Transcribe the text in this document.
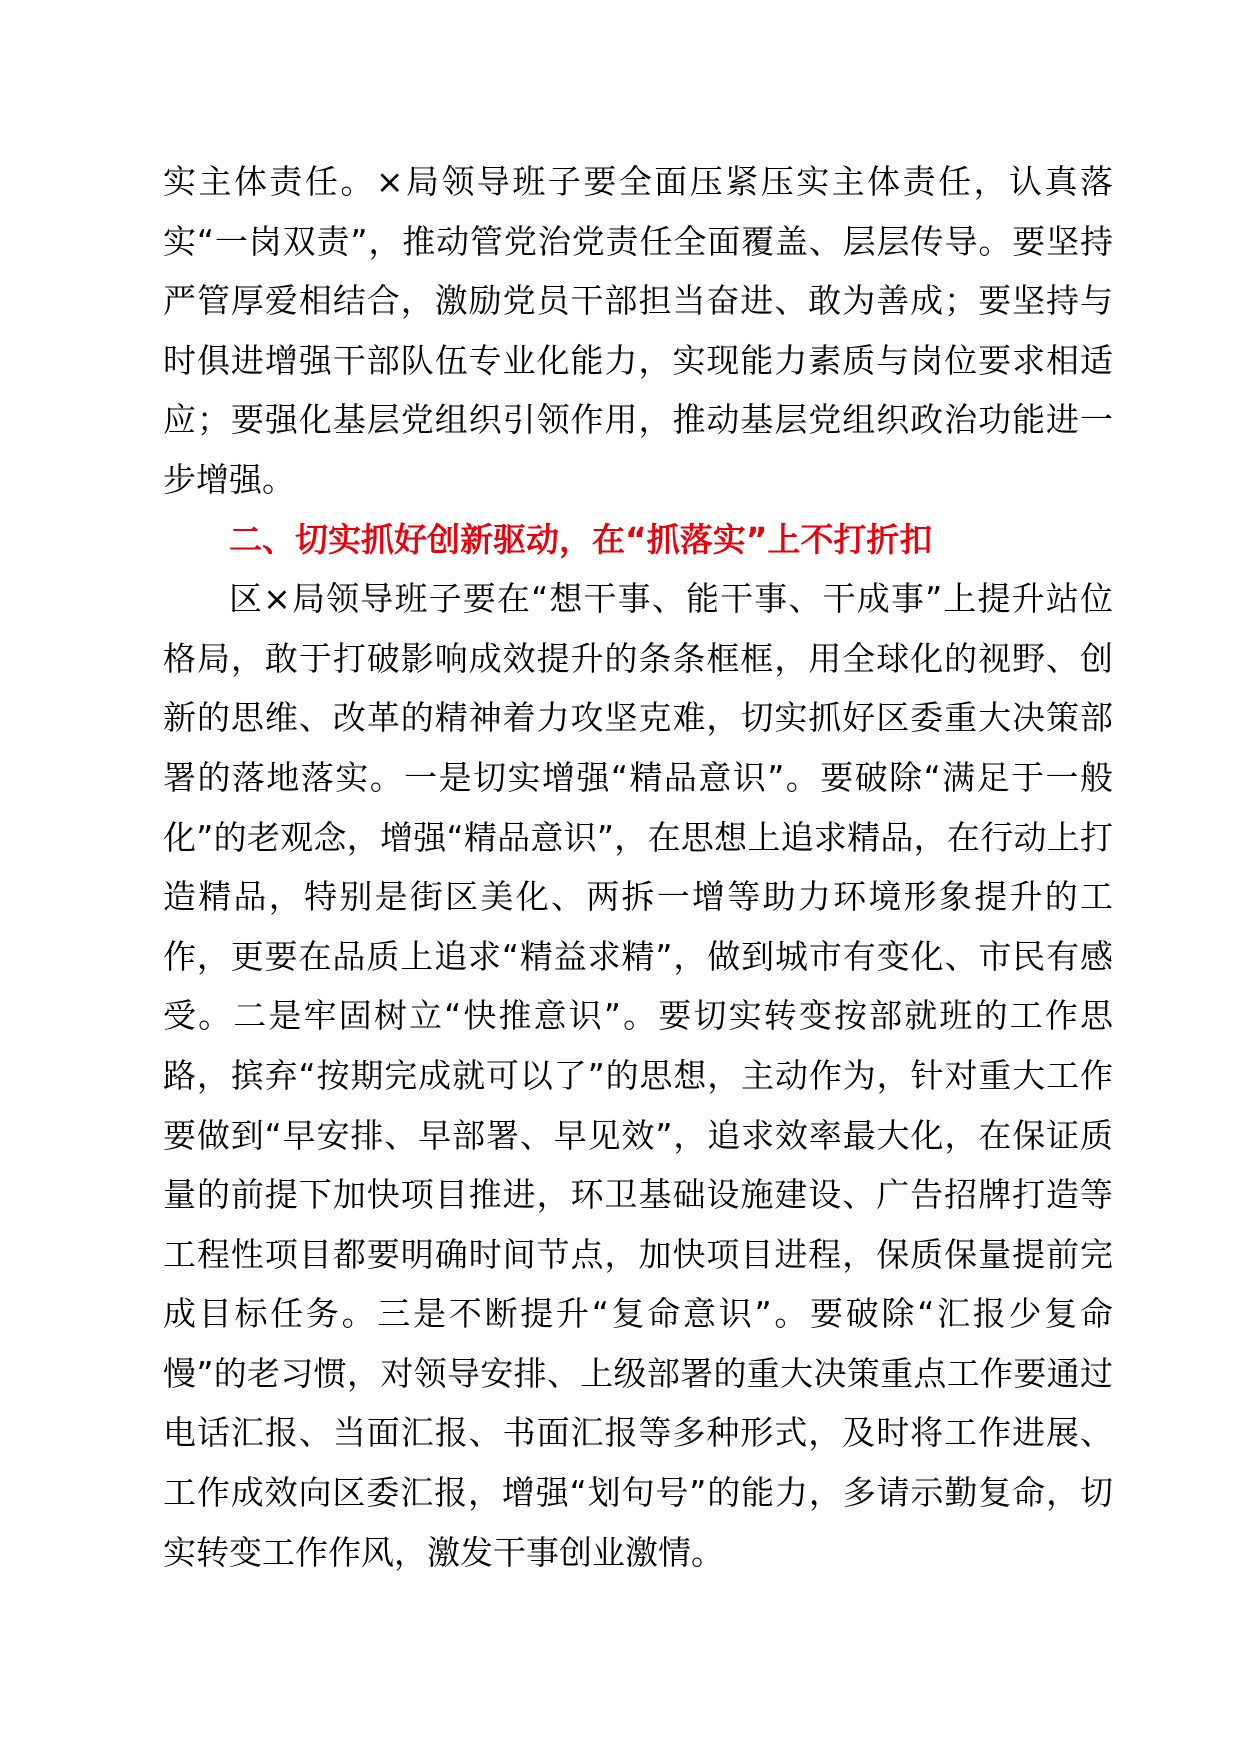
实主体责任。×局领导班子要全面压紧压实主体责任，认真落实“一岗双责”，推动管党治党责任全面覆盖、层层传导。要坚持严管厚爱相结合，激励党员干部担当奋进、敢为善成；要坚持与时俱进增强干部队伍专业化能力，实现能力素质与岗位要求相适应；要强化基层党组织引领作用，推动基层党组织政治功能进一步增强。

二、切实抓好创新驱动，在“抓落实”上不打折扣

区×局领导班子要在“想干事、能干事、干成事”上提升站位格局，敢于打破影响成效提升的条条框框，用全球化的视野、创新的思维、改革的精神着力攻坚克难，切实抓好区委重大决策部署的落地落实。一是切实增强“精品意识”。要破除“满足于一般化”的老观念，增强“精品意识”，在思想上追求精品，在行动上打造精品，特别是街区美化、两拆一增等助力环境形象提升的工作，更要在品质上追求“精益求精”，做到城市有变化、市民有感受。二是牢固树立“快推意识”。要切实转变按部就班的工作思路，摈弃“按期完成就可以了”的思想，主动作为，针对重大工作要做到“早安排、早部署、早见效”，追求效率最大化，在保证质量的前提下加快项目推进，环卫基础设施建设、广告招牌打造等工程性项目都要明确时间节点，加快项目进程，保质保量提前完成目标任务。三是不断提升“复命意识”。要破除“汇报少复命慢”的老习惯，对领导安排、上级部署的重大决策重点工作要通过电话汇报、当面汇报、书面汇报等多种形式，及时将工作进展、工作成效向区委汇报，增强“划句号”的能力，多请示勤复命，切实转变工作作风，激发干事创业激情。
